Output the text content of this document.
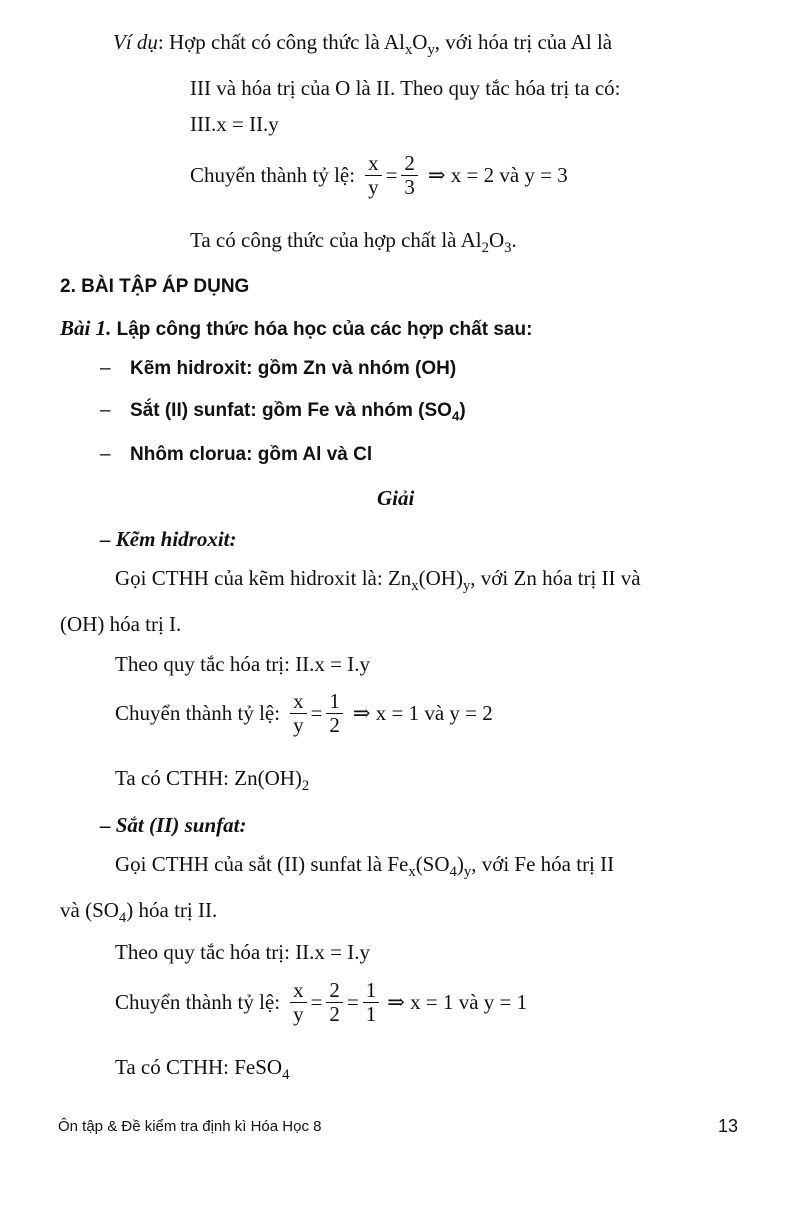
Ví dụ: Hợp chất có công thức là $Al_xO_y$, với hóa trị của Al là
III và hóa trị của O là II. Theo quy tắc hóa trị ta có:
III.x = II.y
Chuyển thành tỷ lệ: $\frac{x}{y} = \frac{2}{3}$ ⇒ x = 2 và y = 3
Ta có công thức của hợp chất là $Al_2O_3$.
2. BÀI TẬP ÁP DỤNG
Bài 1. Lập công thức hóa học của các hợp chất sau:
– Kẽm hidroxit: gồm Zn và nhóm (OH)
– Sắt (II) sunfat: gồm Fe và nhóm $(SO_4)$
– Nhôm clorua: gồm Al và Cl
Giải
– Kẽm hidroxit:
Gọi CTHH của kẽm hidroxit là: $Zn_x(OH)_y$, với Zn hóa trị II và
(OH) hóa trị I.
Theo quy tắc hóa trị: II.x = I.y
Chuyển thành tỷ lệ: $\frac{x}{y} = \frac{1}{2}$ ⇒ x = 1 và y = 2
Ta có CTHH: $Zn(OH)_2$
– Sắt (II) sunfat:
Gọi CTHH của sắt (II) sunfat là $Fe_x(SO_4)_y$, với Fe hóa trị II
và $(SO_4)$ hóa trị II.
Theo quy tắc hóa trị: II.x = I.y
Chuyển thành tỷ lệ: $\frac{x}{y} = \frac{2}{2} = \frac{1}{1}$ ⇒ x = 1 và y = 1
Ta có CTHH: FeSO$_4$
Ôn tập & Đề kiểm tra định kì Hóa Học 8	13
